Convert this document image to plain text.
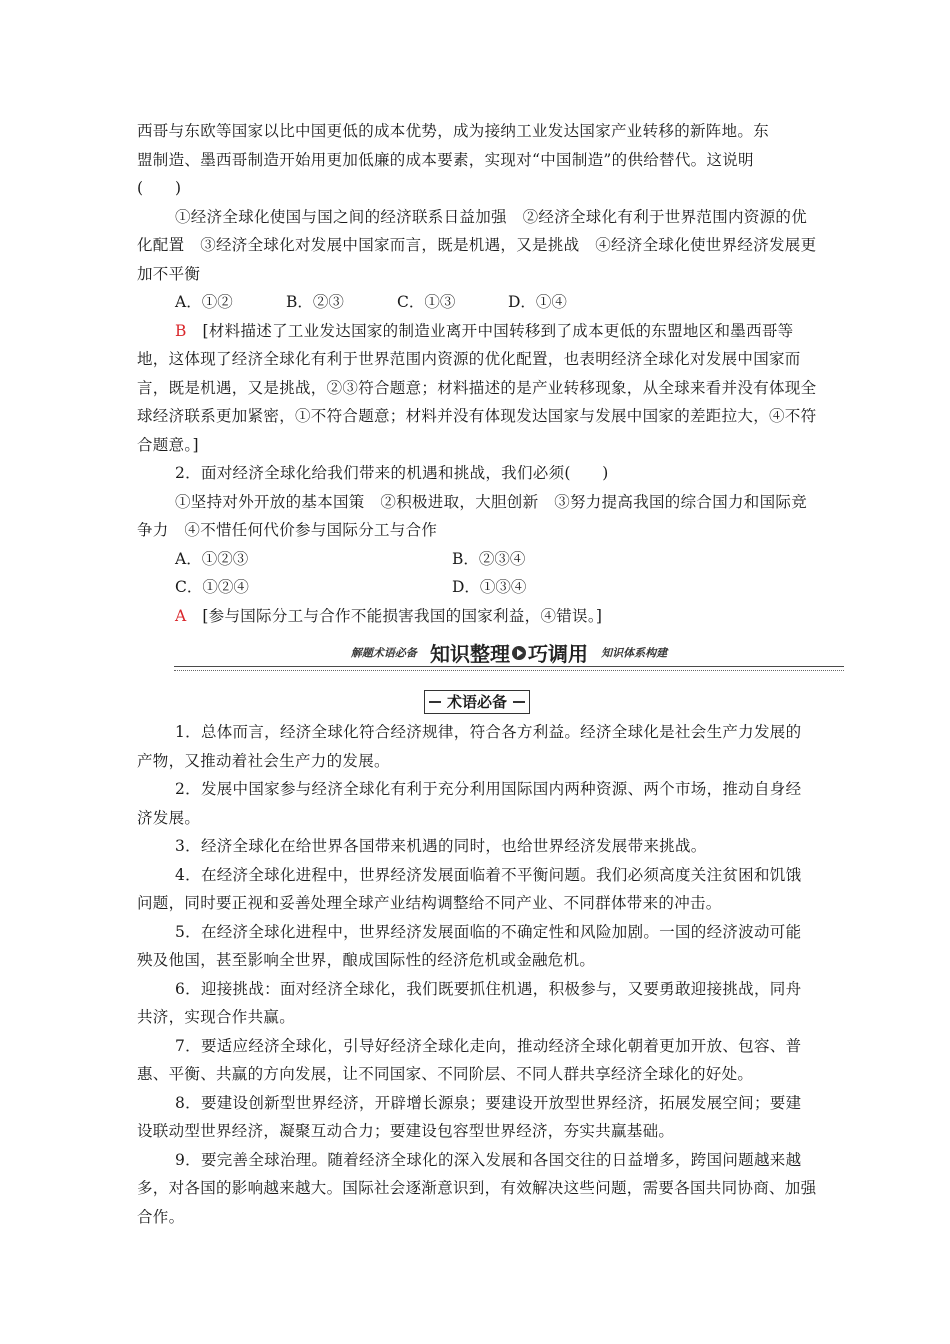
西哥与东欧等国家以比中国更低的成本优势，成为接纳工业发达国家产业转移的新阵地。东

盟制造、墨西哥制造开始用更加低廉的成本要素，实现对“中国制造”的供给替代。这说明

(　　)

①经济全球化使国与国之间的经济联系日益加强　②经济全球化有利于世界范围内资源的优化配置　③经济全球化对发展中国家而言，既是机遇，又是挑战　④经济全球化使世界经济发展更加不平衡

A．①②	B．②③	C．①③	D．①④

B　 [材料描述了工业发达国家的制造业离开中国转移到了成本更低的东盟地区和墨西哥等地，这体现了经济全球化有利于世界范围内资源的优化配置，也表明经济全球化对发展中国家而言，既是机遇，又是挑战，②③符合题意；材料描述的是产业转移现象，从全球来看并没有体现全球经济联系更加紧密，①不符合题意；材料并没有体现发达国家与发展中国家的差距拉大，④不符合题意。]

2．面对经济全球化给我们带来的机遇和挑战，我们必须(　　)

①坚持对外开放的基本国策　②积极进取，大胆创新　③努力提高我国的综合国力和国际竞争力　④不惜任何代价参与国际分工与合作

A．①②③	B．②③④
C．①②④	D．①③④

A　 [参与国际分工与合作不能损害我国的国家利益，④错误。]

解题术语必备 知识整理 巧调用 知识体系构建
术语必备

1．总体而言，经济全球化符合经济规律，符合各方利益。经济全球化是社会生产力发展的产物，又推动着社会生产力的发展。

2．发展中国家参与经济全球化有利于充分利用国际国内两种资源、两个市场，推动自身经济发展。

3．经济全球化在给世界各国带来机遇的同时，也给世界经济发展带来挑战。

4．在经济全球化进程中，世界经济发展面临着不平衡问题。我们必须高度关注贫困和饥饿问题，同时要正视和妥善处理全球产业结构调整给不同产业、不同群体带来的冲击。

5．在经济全球化进程中，世界经济发展面临的不确定性和风险加剧。一国的经济波动可能殃及他国，甚至影响全世界，酿成国际性的经济危机或金融危机。

6．迎接挑战：面对经济全球化，我们既要抓住机遇，积极参与，又要勇敢迎接挑战，同舟共济，实现合作共赢。

7．要适应经济全球化，引导好经济全球化走向，推动经济全球化朝着更加开放、包容、普惠、平衡、共赢的方向发展，让不同国家、不同阶层、不同人群共享经济全球化的好处。

8．要建设创新型世界经济，开辟增长源泉；要建设开放型世界经济，拓展发展空间；要建设联动型世界经济，凝聚互动合力；要建设包容型世界经济，夯实共赢基础。

9．要完善全球治理。随着经济全球化的深入发展和各国交往的日益增多，跨国问题越来越多，对各国的影响越来越大。国际社会逐渐意识到，有效解决这些问题，需要各国共同协商、加强合作。
